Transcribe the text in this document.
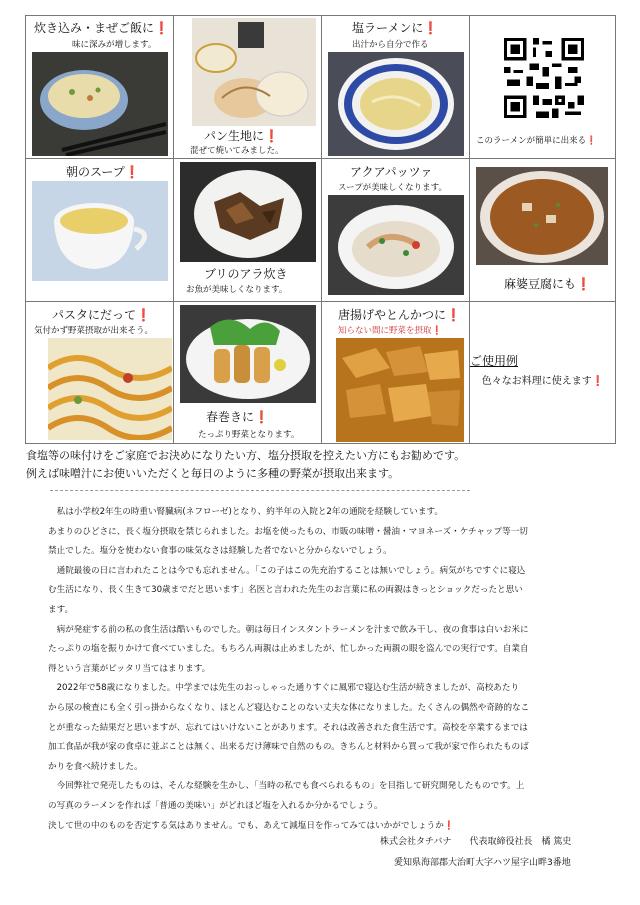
炊き込み・まぜご飯に❗
味に深みが増します。
パン生地に❗
混ぜて焼いてみました。
塩ラーメンに❗
出汁から自分で作る
このラーメンが簡単に出来る❗
朝のスープ❗
ブリのアラ炊き
お魚が美味しくなります。
アクアパッツァ
スープが美味しくなります。
麻婆豆腐にも❗
パスタにだって❗
気付かず野菜摂取が出来そう。
春巻きに❗
たっぷり野菜となります。
唐揚げやとんかつに❗
知らない間に野菜を摂取❗
ご使用例
色々なお料理に使えます❗
食塩等の味付けをご家庭でお決めになりたい方、塩分摂取を控えたい方にもお勧めです。
例えば味噌汁にお使いいただくと毎日のように多種の野菜が摂取出来ます。
　私は小学校2年生の時重い腎臓病(ネフローゼ)となり、約半年の入院と2年の通院を経験しています。
あまりのひどさに、長く塩分摂取を禁じられました。お塩を使ったもの、市販の味噌・醤油・マヨネーズ・ケチャップ等一切
禁止でした。塩分を使わない食事の味気なさは経験した者でないと分からないでしょう。
　通院最後の日に言われたことは今でも忘れません。「この子はこの先充治することは無いでしょう。病気がちですぐに寝込
む生活になり、長く生きて30歳までだと思います」名医と言われた先生のお言葉に私の両親はきっとショックだったと思い
ます。
　病が発症する前の私の食生活は酷いものでした。朝は毎日インスタントラーメンを汁まで飲み干し、夜の食事は白いお米に
たっぷりの塩を振りかけて食べていました。もちろん両親は止めましたが、忙しかった両親の眼を盗んでの実行です。自業自
得という言葉がピッタリ当てはまります。
　2022年で58歳になりました。中学までは先生のおっしゃった通りすぐに風邪で寝込む生活が続きましたが、高校あたり
から尿の検査にも全く引っ掛からなくなり、ほとんど寝込むことのない丈夫な体になりました。たくさんの偶然や奇跡的なこ
とが重なった結果だと思いますが、忘れてはいけないことがあります。それは改善された食生活です。高校を卒業するまでは
加工食品が我が家の食卓に並ぶことは無く、出来るだけ薄味で自然のもの。きちんと材料から買って我が家で作られたものば
かりを食べ続けました。
　今回弊社で発売したものは、そんな経験を生かし、「当時の私でも食べられるもの」を目指して研究開発したものです。上
の写真のラーメンを作れば「普通の美味い」がどれほど塩を入れるか分かるでしょう。
決して世の中のものを否定する気はありません。でも、あえて減塩日を作ってみてはいかがでしょうか❗
株式会社タチバナ　　代表取締役社長　橘 篤史
愛知県海部郡大治町大字ハツ屋字山畔3番地
